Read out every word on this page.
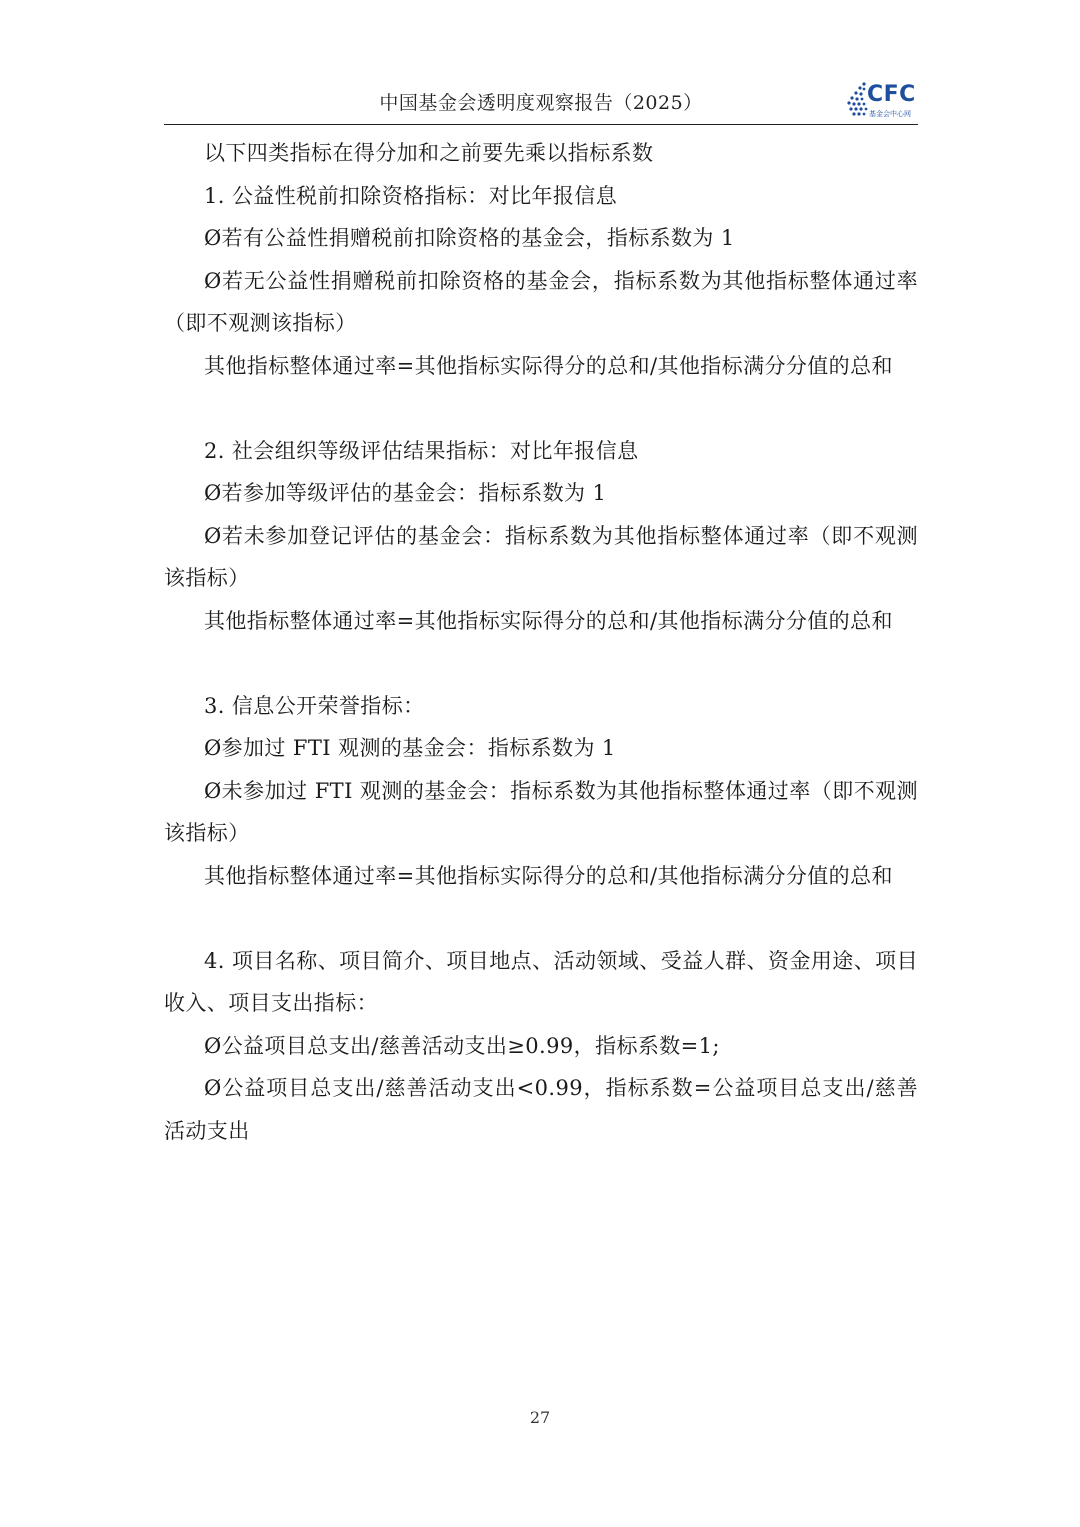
中国基金会透明度观察报告（2025）	CFC
基金会中心网

以下四类指标在得分加和之前要先乘以指标系数

1. 公益性税前扣除资格指标：对比年报信息

Ø若有公益性捐赠税前扣除资格的基金会，指标系数为 1

Ø若无公益性捐赠税前扣除资格的基金会，指标系数为其他指标整体通过率（即不观测该指标）

其他指标整体通过率=其他指标实际得分的总和/其他指标满分分值的总和

2. 社会组织等级评估结果指标：对比年报信息

Ø若参加等级评估的基金会：指标系数为 1

Ø若未参加登记评估的基金会：指标系数为其他指标整体通过率（即不观测该指标）

其他指标整体通过率=其他指标实际得分的总和/其他指标满分分值的总和

3. 信息公开荣誉指标：

Ø参加过 FTI 观测的基金会：指标系数为 1

Ø未参加过 FTI 观测的基金会：指标系数为其他指标整体通过率（即不观测该指标）

其他指标整体通过率=其他指标实际得分的总和/其他指标满分分值的总和

4. 项目名称、项目简介、项目地点、活动领域、受益人群、资金用途、项目收入、项目支出指标：

Ø公益项目总支出/慈善活动支出≥0.99，指标系数=1;

Ø公益项目总支出/慈善活动支出<0.99，指标系数=公益项目总支出/慈善活动支出

27
